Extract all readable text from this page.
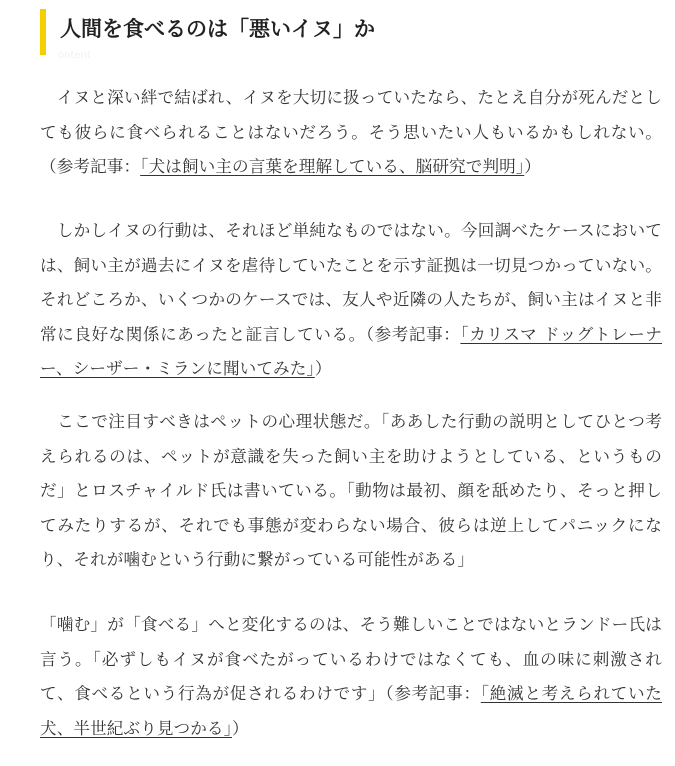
人間を食べるのは「悪いイヌ」か
ontent

　イヌと深い絆で結ばれ、イヌを大切に扱っていたなら、たとえ自分が死んだとしても彼らに食べられることはないだろう。そう思いたい人もいるかもしれない。（参考記事：「犬は飼い主の言葉を理解している、脳研究で判明」）

　しかしイヌの行動は、それほど単純なものではない。今回調べたケースにおいては、飼い主が過去にイヌを虐待していたことを示す証拠は一切見つかっていない。それどころか、いくつかのケースでは、友人や近隣の人たちが、飼い主はイヌと非常に良好な関係にあったと証言している。（参考記事：「カリスマ ドッグトレーナー、シーザー・ミランに聞いてみた」）

　ここで注目すべきはペットの心理状態だ。「ああした行動の説明としてひとつ考えられるのは、ペットが意識を失った飼い主を助けようとしている、というものだ」とロスチャイルド氏は書いている。「動物は最初、顔を舐めたり、そっと押してみたりするが、それでも事態が変わらない場合、彼らは逆上してパニックになり、それが噛むという行動に繋がっている可能性がある」

「噛む」が「食べる」へと変化するのは、そう難しいことではないとランドー氏は言う。「必ずしもイヌが食べたがっているわけではなくても、血の味に刺激されて、食べるという行為が促されるわけです」（参考記事：「絶滅と考えられていた犬、半世紀ぶり見つかる」）
